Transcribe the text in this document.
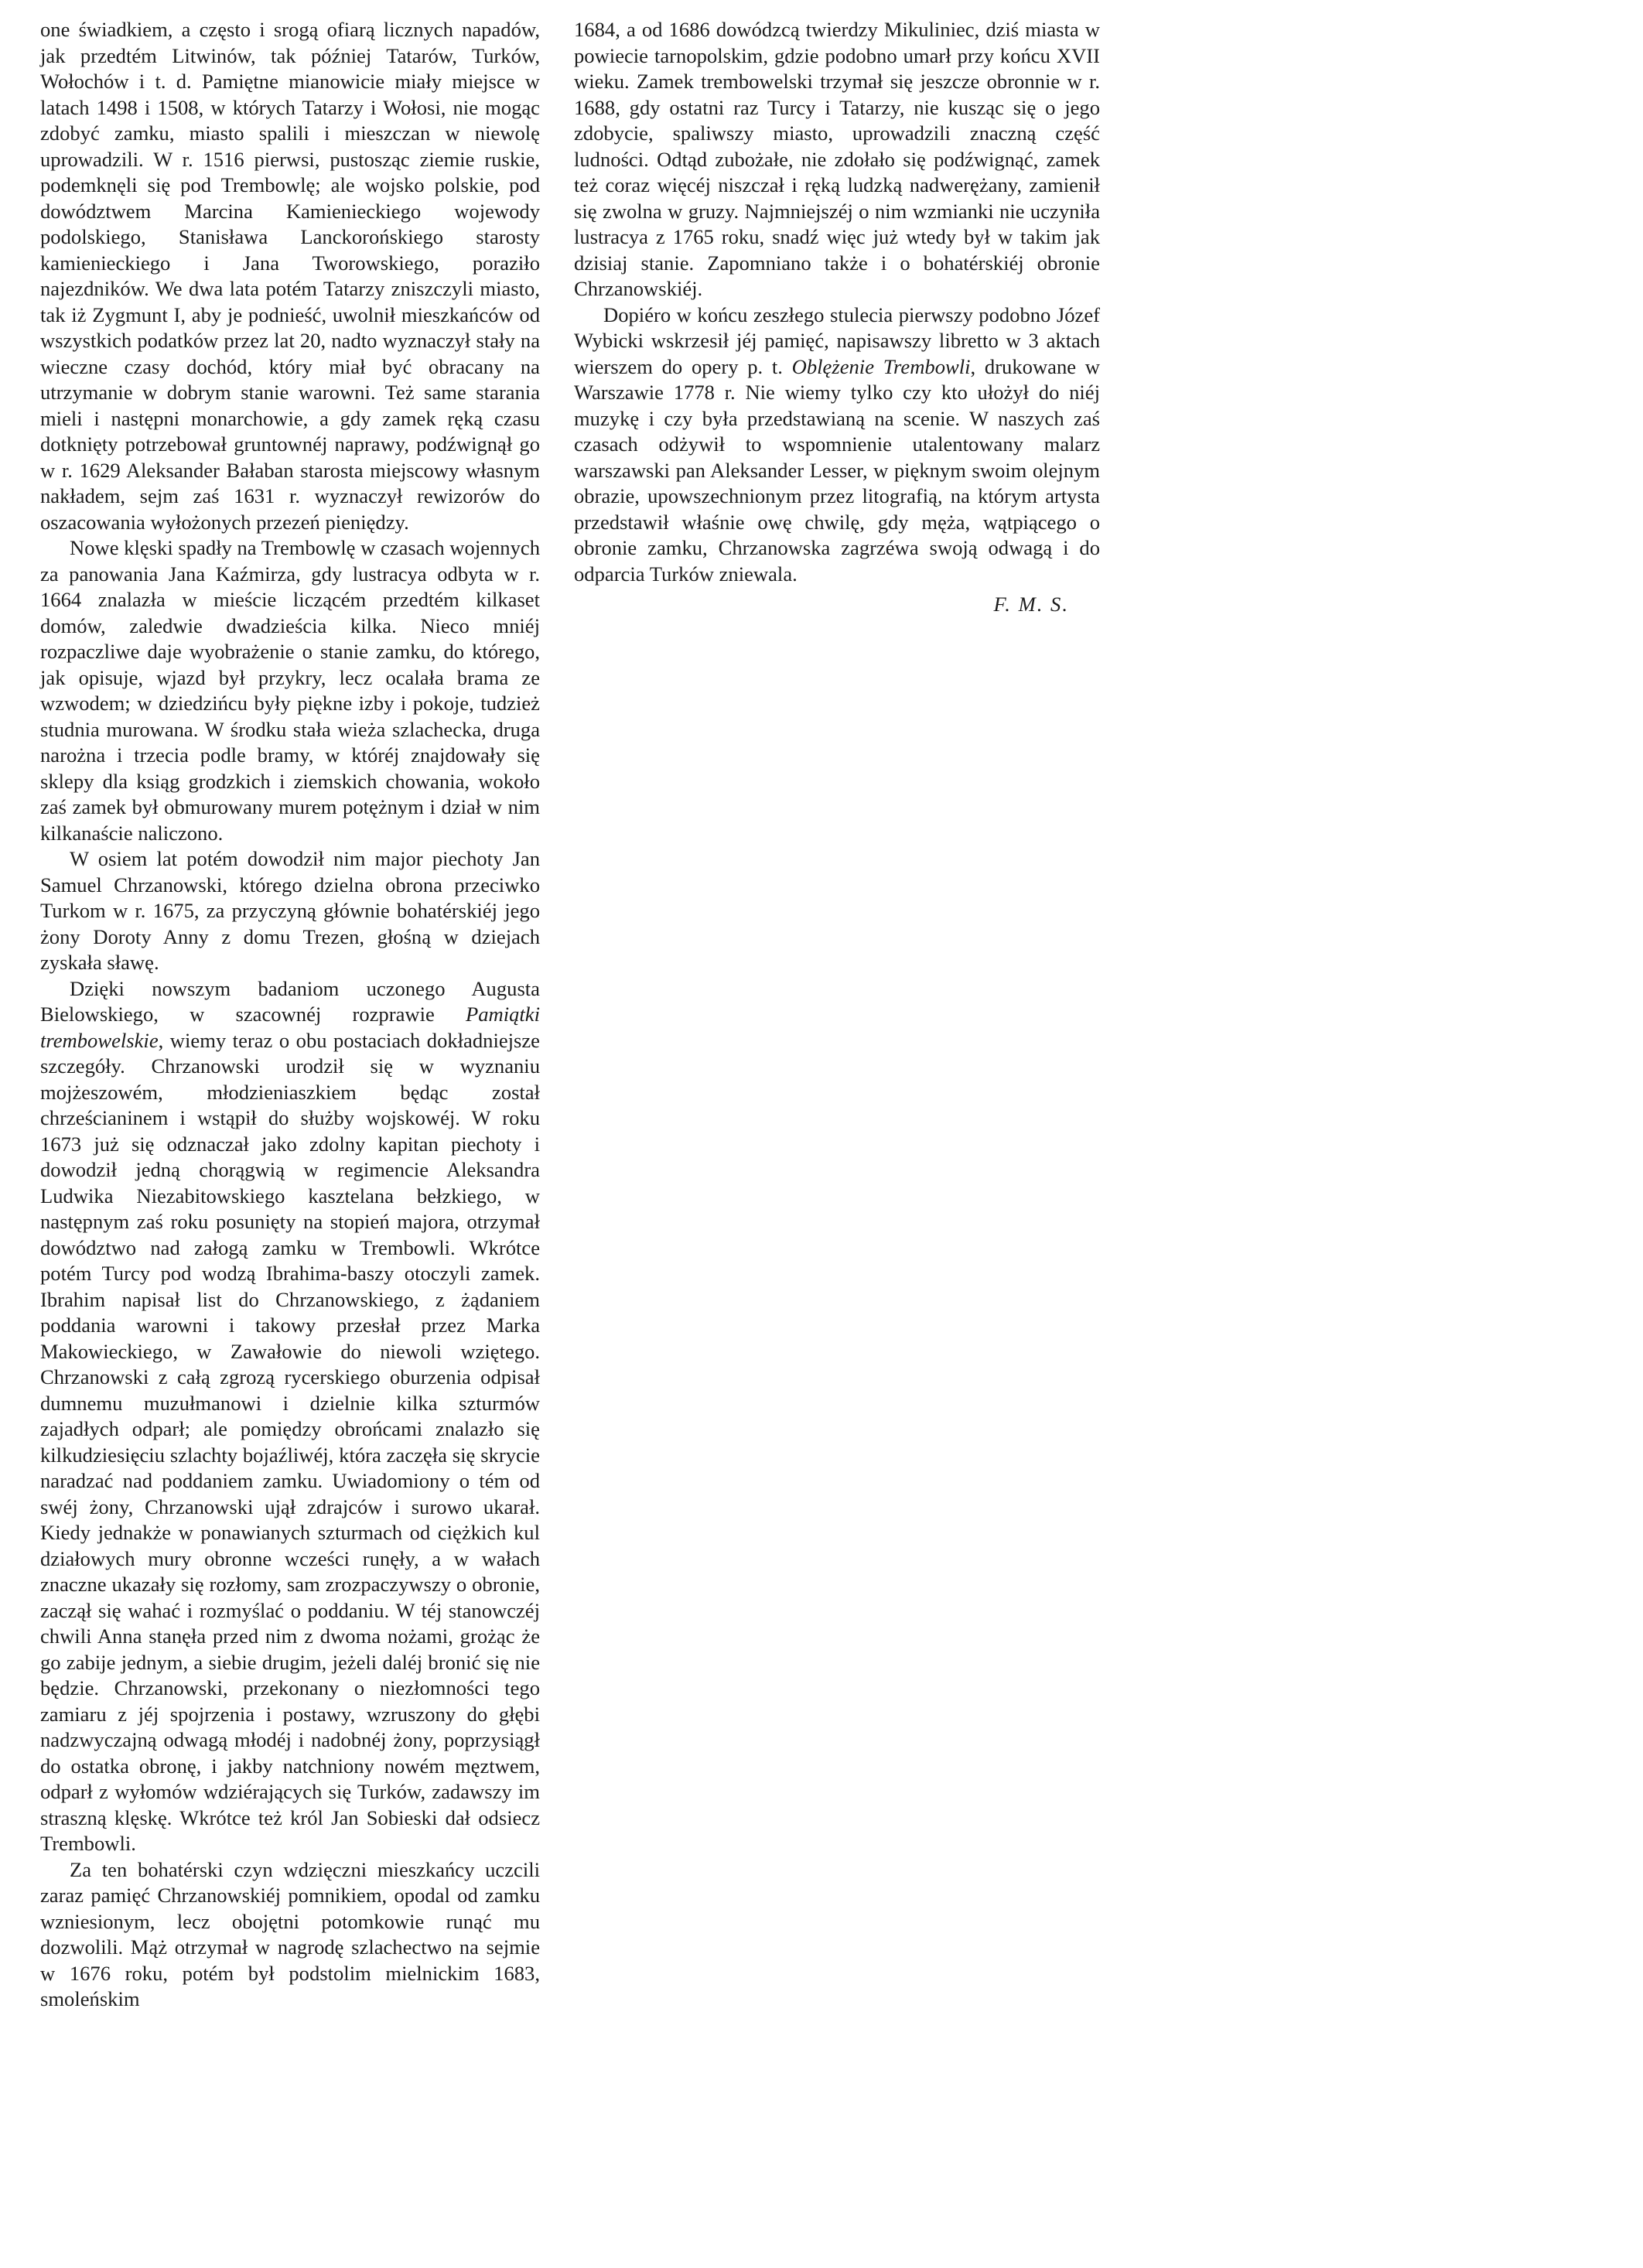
one świadkiem, a często i srogą ofiarą licznych napadów, jak przedtém Litwinów, tak później Tatarów, Turków, Wołochów i t. d. Pamiętne mianowicie miały miejsce w latach 1498 i 1508, w których Tatarzy i Wołosi, nie mogąc zdobyć zamku, miasto spalili i mieszczan w niewolę uprowadzili. W r. 1516 pierwsi, pustosząc ziemie ruskie, podemknęli się pod Trembowlę; ale wojsko polskie, pod dowództwem Marcina Kamienieckiego wojewody podolskiego, Stanisława Lanckorońskiego starosty kamienieckiego i Jana Tworowskiego, poraziło najezdników. We dwa lata potém Tatarzy zniszczyli miasto, tak iż Zygmunt I, aby je podnieść, uwolnił mieszkańców od wszystkich podatków przez lat 20, nadto wyznaczył stały na wieczne czasy dochód, który miał być obracany na utrzymanie w dobrym stanie warowni. Też same starania mieli i następni monarchowie, a gdy zamek ręką czasu dotknięty potrzebował gruntownéj naprawy, podźwignął go w r. 1629 Aleksander Bałaban starosta miejscowy własnym nakładem, sejm zaś 1631 r. wyznaczył rewizorów do oszacowania wyłożonych przezeń pieniędzy.

Nowe klęski spadły na Trembowlę w czasach wojennych za panowania Jana Kaźmirza, gdy lustracya odbyta w r. 1664 znalazła w mieście liczącém przedtém kilkaset domów, zaledwie dwadzieścia kilka. Nieco mniéj rozpaczliwe daje wyobrażenie o stanie zamku, do którego, jak opisuje, wjazd był przykry, lecz ocalała brama ze wzwodem; w dziedzińcu były piękne izby i pokoje, tudzież studnia murowana. W środku stała wieża szlachecka, druga narożna i trzecia podle bramy, w któréj znajdowały się sklepy dla ksiąg grodzkich i ziemskich chowania, wokoło zaś zamek był obmurowany murem potężnym i dział w nim kilkanaście naliczono.

W osiem lat potém dowodził nim major piechoty Jan Samuel Chrzanowski, którego dzielna obrona przeciwko Turkom w r. 1675, za przyczyną głównie bohatérskiéj jego żony Doroty Anny z domu Trezen, głośną w dziejach zyskała sławę.

Dzięki nowszym badaniom uczonego Augusta Bielowskiego, w szacownéj rozprawie Pamiątki trembowelskie, wiemy teraz o obu postaciach dokładniejsze szczegóły. Chrzanowski urodził się w wyznaniu mojżeszowém, młodzieniaszkiem będąc został chrześcianinem i wstąpił do służby wojskowéj. W roku 1673 już się odznaczał jako zdolny kapitan piechoty i dowodził jedną chorągwią w regimencie Aleksandra Ludwika Niezabitowskiego kasztelana bełzkiego, w następnym zaś roku posunięty na stopień majora, otrzymał dowództwo nad załogą zamku w Trembowli. Wkrótce potém Turcy pod wodzą Ibrahima-baszy otoczyli zamek. Ibrahim napisał list do Chrzanowskiego, z żądaniem poddania warowni i takowy przesłał przez Marka Makowieckiego, w Zawałowie do niewoli wziętego. Chrzanowski z całą zgrozą rycerskiego oburzenia odpisał dumnemu muzułmanowi i dzielnie kilka szturmów zajadłych odparł; ale pomiędzy obrońcami znalazło się kilkudziesięciu szlachty bojaźliwéj, która zaczęła się skrycie naradzać nad poddaniem zamku. Uwiadomiony o tém od swéj żony, Chrzanowski ujął zdrajców i surowo ukarał. Kiedy jednakże w ponawianych szturmach od ciężkich kul działowych mury obronne wcześci runęły, a w wałach znaczne ukazały się rozłomy, sam zrozpaczywszy o obronie, zaczął się wahać i rozmyślać o poddaniu. W téj stanowczéj chwili Anna stanęła przed nim z dwoma nożami, grożąc że go zabije jednym, a siebie drugim, jeżeli daléj bronić się nie będzie. Chrzanowski, przekonany o niezłomności tego zamiaru z jéj spojrzenia i postawy, wzruszony do głębi nadzwyczajną odwagą młodéj i nadobnéj żony, poprzysiągł do ostatka obronę, i jakby natchniony nowém męztwem, odparł z wyłomów wdziérających się Turków, zadawszy im straszną klęskę. Wkrótce też król Jan Sobieski dał odsiecz Trembowli.

Za ten bohatérski czyn wdzięczni mieszkańcy uczcili zaraz pamięć Chrzanowskiéj pomnikiem, opodal od zamku wzniesionym, lecz obojętni potomkowie runąć mu dozwolili. Mąż otrzymał w nagrodę szlachectwo na sejmie w 1676 roku, potém był podstolim mielnickim 1683, smoleńskim

1684, a od 1686 dowódzcą twierdzy Mikuliniec, dziś miasta w powiecie tarnopolskim, gdzie podobno umarł przy końcu XVII wieku. Zamek trembowelski trzymał się jeszcze obronnie w r. 1688, gdy ostatni raz Turcy i Tatarzy, nie kusząc się o jego zdobycie, spaliwszy miasto, uprowadzili znaczną część ludności. Odtąd zubożałe, nie zdołało się podźwignąć, zamek też coraz więcéj niszczał i ręką ludzką nadwerężany, zamienił się zwolna w gruzy. Najmniejszéj o nim wzmianki nie uczyniła lustracya z 1765 roku, snadź więc już wtedy był w takim jak dzisiaj stanie. Zapomniano także i o bohatérskiéj obronie Chrzanowskiéj.

Dopiéro w końcu zeszłego stulecia pierwszy podobno Józef Wybicki wskrzesił jéj pamięć, napisawszy libretto w 3 aktach wierszem do opery p. t. Oblężenie Trembowli, drukowane w Warszawie 1778 r. Nie wiemy tylko czy kto ułożył do niéj muzykę i czy była przedstawianą na scenie. W naszych zaś czasach odżywił to wspomnienie utalentowany malarz warszawski pan Aleksander Lesser, w pięknym swoim olejnym obrazie, upowszechnionym przez litografią, na którym artysta przedstawił właśnie owę chwilę, gdy męża, wątpiącego o obronie zamku, Chrzanowska zagrzéwa swoją odwagą i do odparcia Turków zniewala.

F. M. S.
